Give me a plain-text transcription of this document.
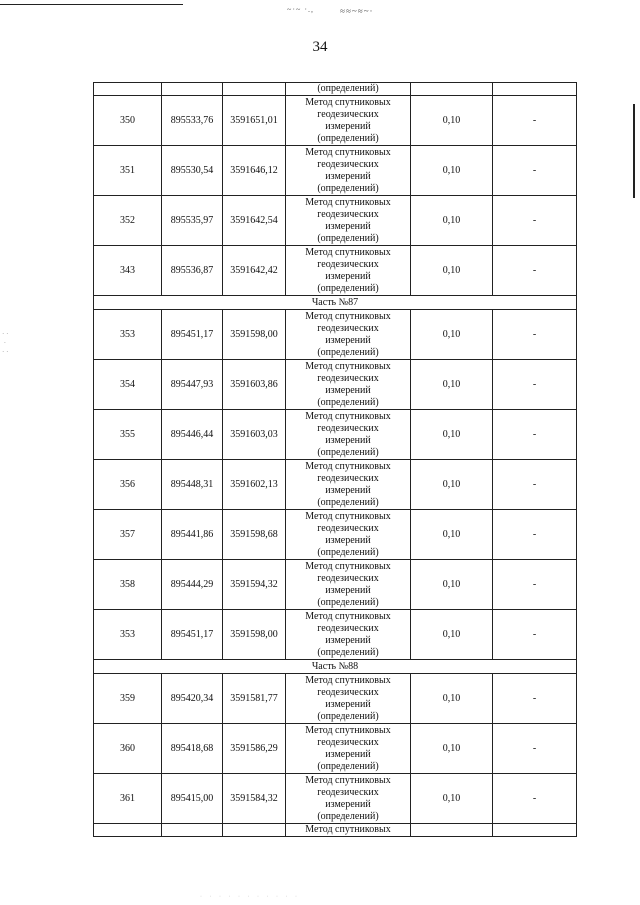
~·~ ·.,	≈≈~≈~·
· ·
·
· ·
34
			(определений)		
350	895533,76	3591651,01	Метод спутниковых
геодезических
измерений
(определений)	0,10	-
351	895530,54	3591646,12	Метод спутниковых
геодезических
измерений
(определений)	0,10	-
352	895535,97	3591642,54	Метод спутниковых
геодезических
измерений
(определений)	0,10	-
343	895536,87	3591642,42	Метод спутниковых
геодезических
измерений
(определений)	0,10	-
Часть №87					
353	895451,17	3591598,00	Метод спутниковых
геодезических
измерений
(определений)	0,10	-
354	895447,93	3591603,86	Метод спутниковых
геодезических
измерений
(определений)	0,10	-
355	895446,44	3591603,03	Метод спутниковых
геодезических
измерений
(определений)	0,10	-
356	895448,31	3591602,13	Метод спутниковых
геодезических
измерений
(определений)	0,10	-
357	895441,86	3591598,68	Метод спутниковых
геодезических
измерений
(определений)	0,10	-
358	895444,29	3591594,32	Метод спутниковых
геодезических
измерений
(определений)	0,10	-
353	895451,17	3591598,00	Метод спутниковых
геодезических
измерений
(определений)	0,10	-
Часть №88					
359	895420,34	3591581,77	Метод спутниковых
геодезических
измерений
(определений)	0,10	-
360	895418,68	3591586,29	Метод спутниковых
геодезических
измерений
(определений)	0,10	-
361	895415,00	3591584,32	Метод спутниковых
геодезических
измерений
(определений)	0,10	-
			Метод спутниковых		
· · · · · · · · · · ·
